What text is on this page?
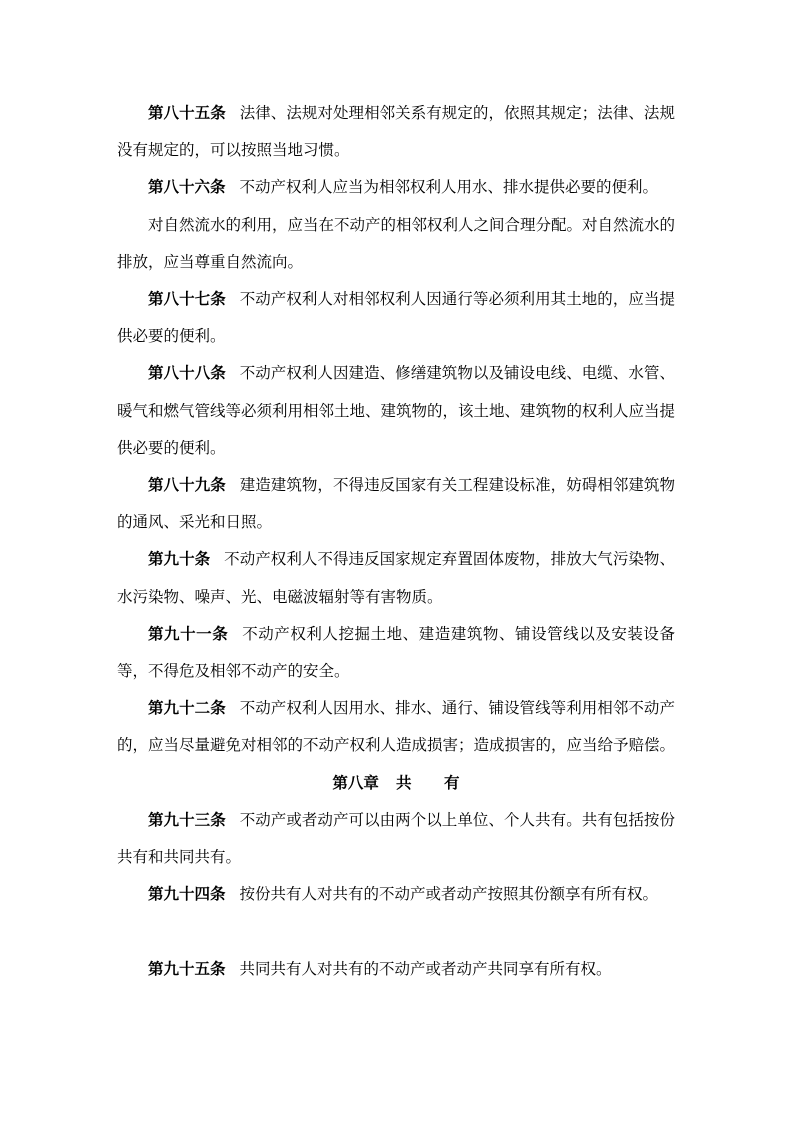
第八十五条 法律、法规对处理相邻关系有规定的，依照其规定；法律、法规没有规定的，可以按照当地习惯。

第八十六条 不动产权利人应当为相邻权利人用水、排水提供必要的便利。

对自然流水的利用，应当在不动产的相邻权利人之间合理分配。对自然流水的排放，应当尊重自然流向。

第八十七条 不动产权利人对相邻权利人因通行等必须利用其土地的，应当提供必要的便利。

第八十八条 不动产权利人因建造、修缮建筑物以及铺设电线、电缆、水管、暖气和燃气管线等必须利用相邻土地、建筑物的，该土地、建筑物的权利人应当提供必要的便利。

第八十九条 建造建筑物，不得违反国家有关工程建设标准，妨碍相邻建筑物的通风、采光和日照。

第九十条 不动产权利人不得违反国家规定弃置固体废物，排放大气污染物、水污染物、噪声、光、电磁波辐射等有害物质。

第九十一条 不动产权利人挖掘土地、建造建筑物、铺设管线以及安装设备等，不得危及相邻不动产的安全。

第九十二条 不动产权利人因用水、排水、通行、铺设管线等利用相邻不动产的，应当尽量避免对相邻的不动产权利人造成损害；造成损害的，应当给予赔偿。

第八章 共 有

第九十三条 不动产或者动产可以由两个以上单位、个人共有。共有包括按份共有和共同共有。

第九十四条 按份共有人对共有的不动产或者动产按照其份额享有所有权。

第九十五条 共同共有人对共有的不动产或者动产共同享有所有权。
